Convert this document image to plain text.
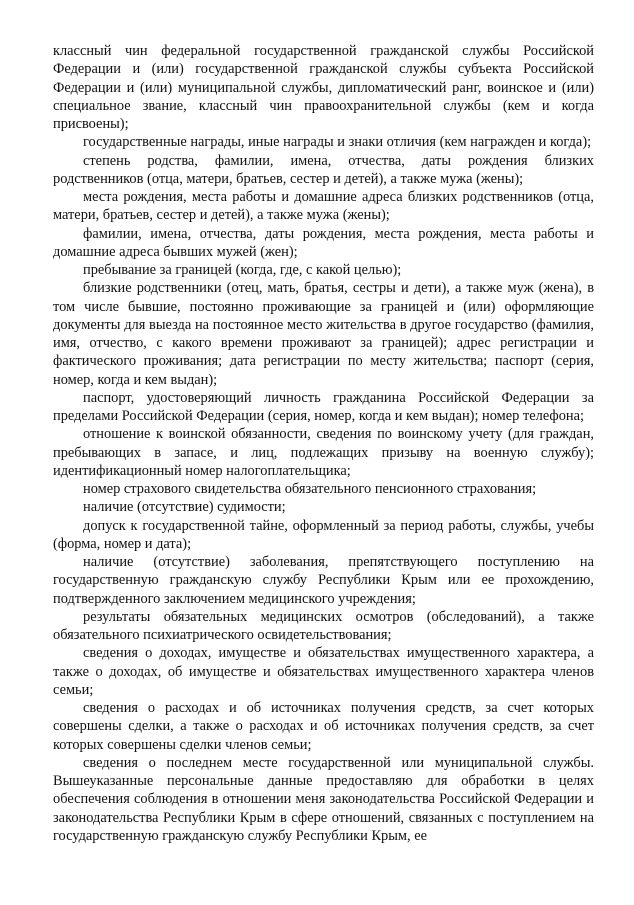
классный чин федеральной государственной гражданской службы Российской Федерации и (или) государственной гражданской службы субъекта Российской Федерации и (или) муниципальной службы, дипломатический ранг, воинское и (или) специальное звание, классный чин правоохранительной службы (кем и когда присвоены);

государственные награды, иные награды и знаки отличия (кем награжден и когда);

степень родства, фамилии, имена, отчества, даты рождения близких родственников (отца, матери, братьев, сестер и детей), а также мужа (жены);

места рождения, места работы и домашние адреса близких родственников (отца, матери, братьев, сестер и детей), а также мужа (жены);

фамилии, имена, отчества, даты рождения, места рождения, места работы и домашние адреса бывших мужей (жен);

пребывание за границей (когда, где, с какой целью);

близкие родственники (отец, мать, братья, сестры и дети), а также муж (жена), в том числе бывшие, постоянно проживающие за границей и (или) оформляющие документы для выезда на постоянное место жительства в другое государство (фамилия, имя, отчество, с какого времени проживают за границей); адрес регистрации и фактического проживания; дата регистрации по месту жительства; паспорт (серия, номер, когда и кем выдан);

паспорт, удостоверяющий личность гражданина Российской Федерации за пределами Российской Федерации (серия, номер, когда и кем выдан); номер телефона;

отношение к воинской обязанности, сведения по воинскому учету (для граждан, пребывающих в запасе, и лиц, подлежащих призыву на военную службу); идентификационный номер налогоплательщика;

номер страхового свидетельства обязательного пенсионного страхования;

наличие (отсутствие) судимости;

допуск к государственной тайне, оформленный за период работы, службы, учебы (форма, номер и дата);

наличие (отсутствие) заболевания, препятствующего поступлению на государственную гражданскую службу Республики Крым или ее прохождению, подтвержденного заключением медицинского учреждения;

результаты обязательных медицинских осмотров (обследований), а также обязательного психиатрического освидетельствования;

сведения о доходах, имуществе и обязательствах имущественного характера, а также о доходах, об имуществе и обязательствах имущественного характера членов семьи;

сведения о расходах и об источниках получения средств, за счет которых совершены сделки, а также о расходах и об источниках получения средств, за счет которых совершены сделки членов семьи;

сведения о последнем месте государственной или муниципальной службы. Вышеуказанные персональные данные предоставляю для обработки в целях обеспечения соблюдения в отношении меня законодательства Российской Федерации и законодательства Республики Крым в сфере отношений, связанных с поступлением на государственную гражданскую службу Республики Крым, ее
